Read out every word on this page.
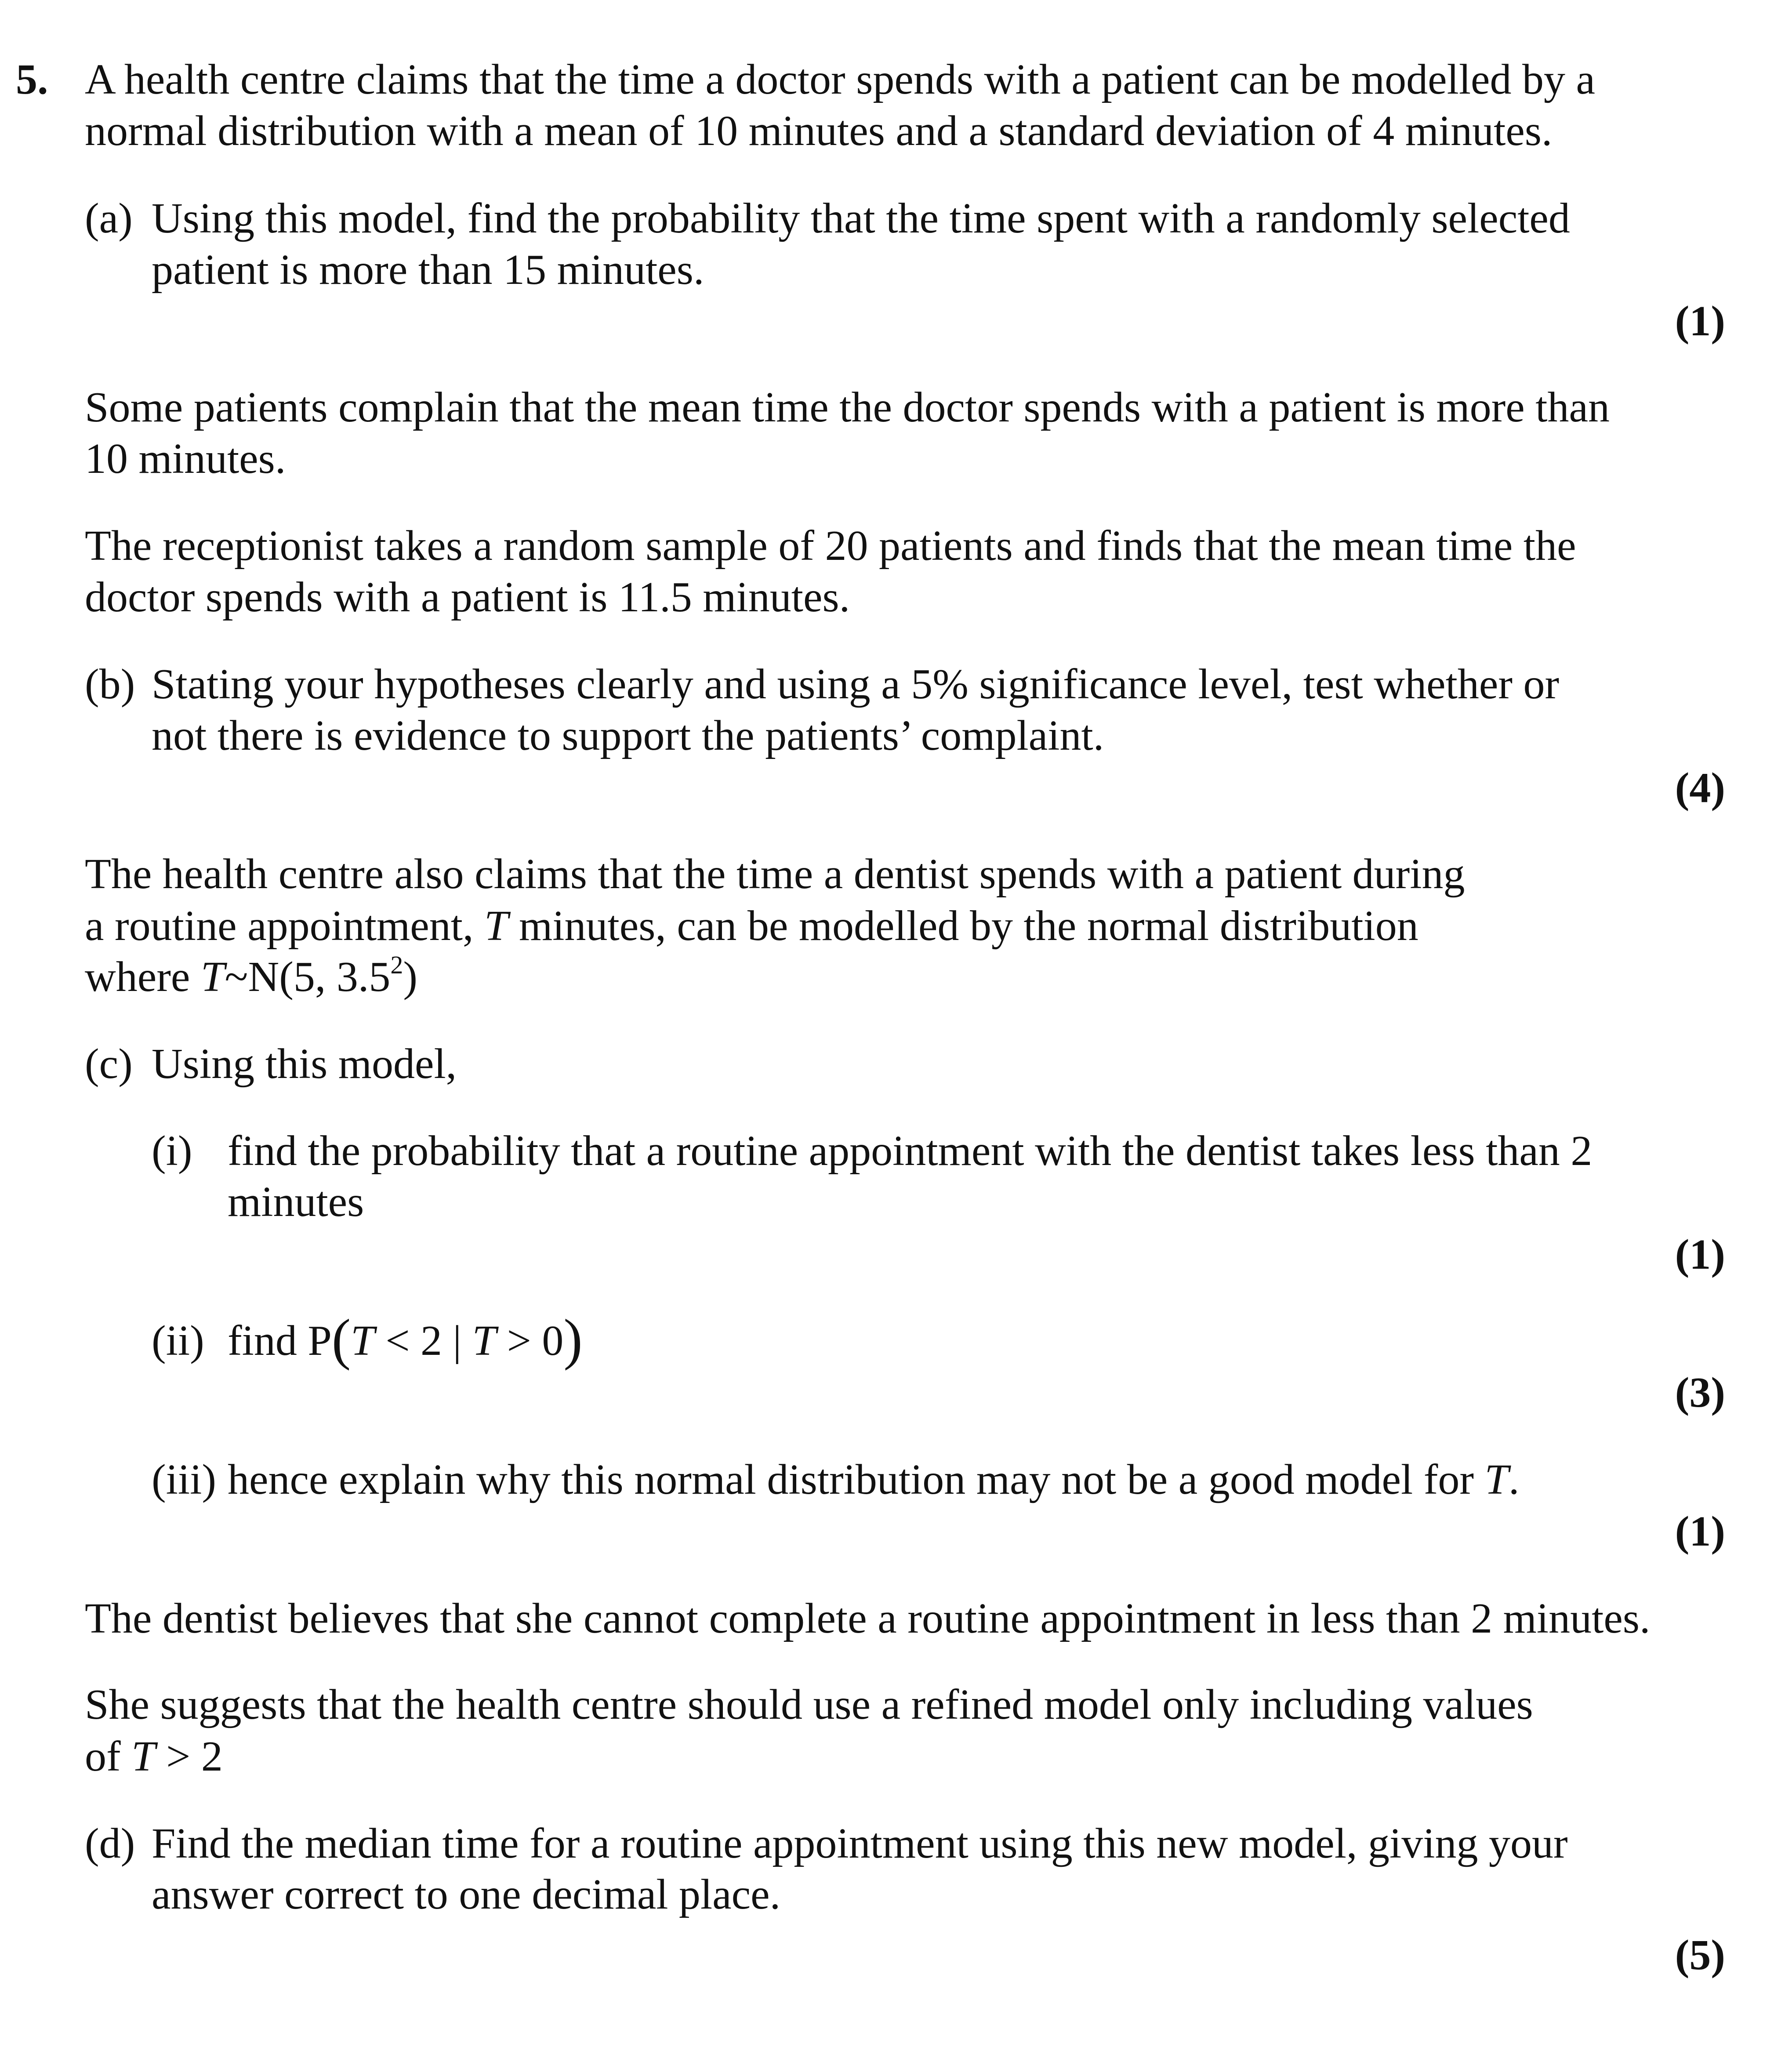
5. A health centre claims that the time a doctor spends with a patient can be modelled by a
normal distribution with a mean of 10 minutes and a standard deviation of 4 minutes.
(a) Using this model, find the probability that the time spent with a randomly selected
patient is more than 15 minutes.
(1)
Some patients complain that the mean time the doctor spends with a patient is more than
10 minutes.
The receptionist takes a random sample of 20 patients and finds that the mean time the
doctor spends with a patient is 11.5 minutes.
(b) Stating your hypotheses clearly and using a 5% significance level, test whether or
not there is evidence to support the patients’ complaint.
(4)
The health centre also claims that the time a dentist spends with a patient during
a routine appointment, T minutes, can be modelled by the normal distribution
where T~N(5, $3.5^2$)
(c) Using this model,
(i) find the probability that a routine appointment with the dentist takes less than 2
minutes
(1)
(ii) find P(T < 2 | T > 0)
(3)
(iii) hence explain why this normal distribution may not be a good model for T.
(1)
The dentist believes that she cannot complete a routine appointment in less than 2 minutes.
She suggests that the health centre should use a refined model only including values
of T > 2
(d) Find the median time for a routine appointment using this new model, giving your
answer correct to one decimal place.
(5)
